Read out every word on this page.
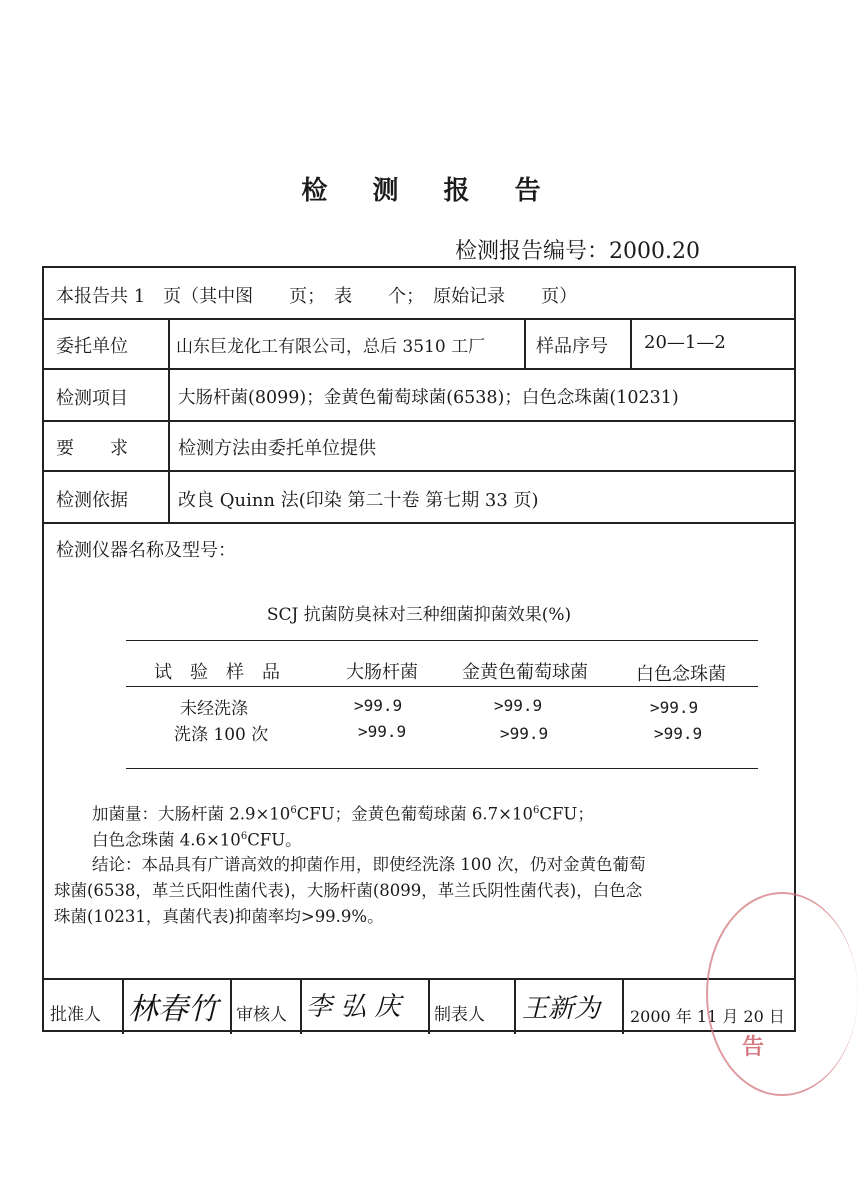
检 测 报 告
检测报告编号：2000.20
本报告共 1　页（其中图　　页；　表　　个；　原始记录　　页）
委托单位	山东巨龙化工有限公司，总后 3510 工厂	样品序号 20—1—2
检测项目	大肠杆菌(8099)；金黄色葡萄球菌(6538)；白色念珠菌(10231)
要　　求	检测方法由委托单位提供
检测依据	改良 Quinn 法(印染 第二十卷 第七期 33 页)
检测仪器名称及型号：
SCJ 抗菌防臭袜对三种细菌抑菌效果(%)
试　验　样　品	大肠杆菌 金黄色葡萄球菌	白色念珠菌
未经洗涤	>99.9	>99.9	>99.9
洗涤 100 次	>99.9	>99.9	>99.9
加菌量：大肠杆菌 $2.9\times 10^6CFU$；金黄色葡萄球菌 $6.7\times 10^6CFU$；
白色念珠菌 $4.6\times 10^6CFU$。
结论：本品具有广谱高效的抑菌作用，即使经洗涤 100 次，仍对金黄色葡萄
球菌(6538，革兰氏阳性菌代表)，大肠杆菌(8099，革兰氏阴性菌代表)，白色念
珠菌(10231，真菌代表)抑菌率均>99.9%。
批准人 林春竹 审核人 李 弘 庆 制表人 王新为 2000 年 11 月 20 日
告
